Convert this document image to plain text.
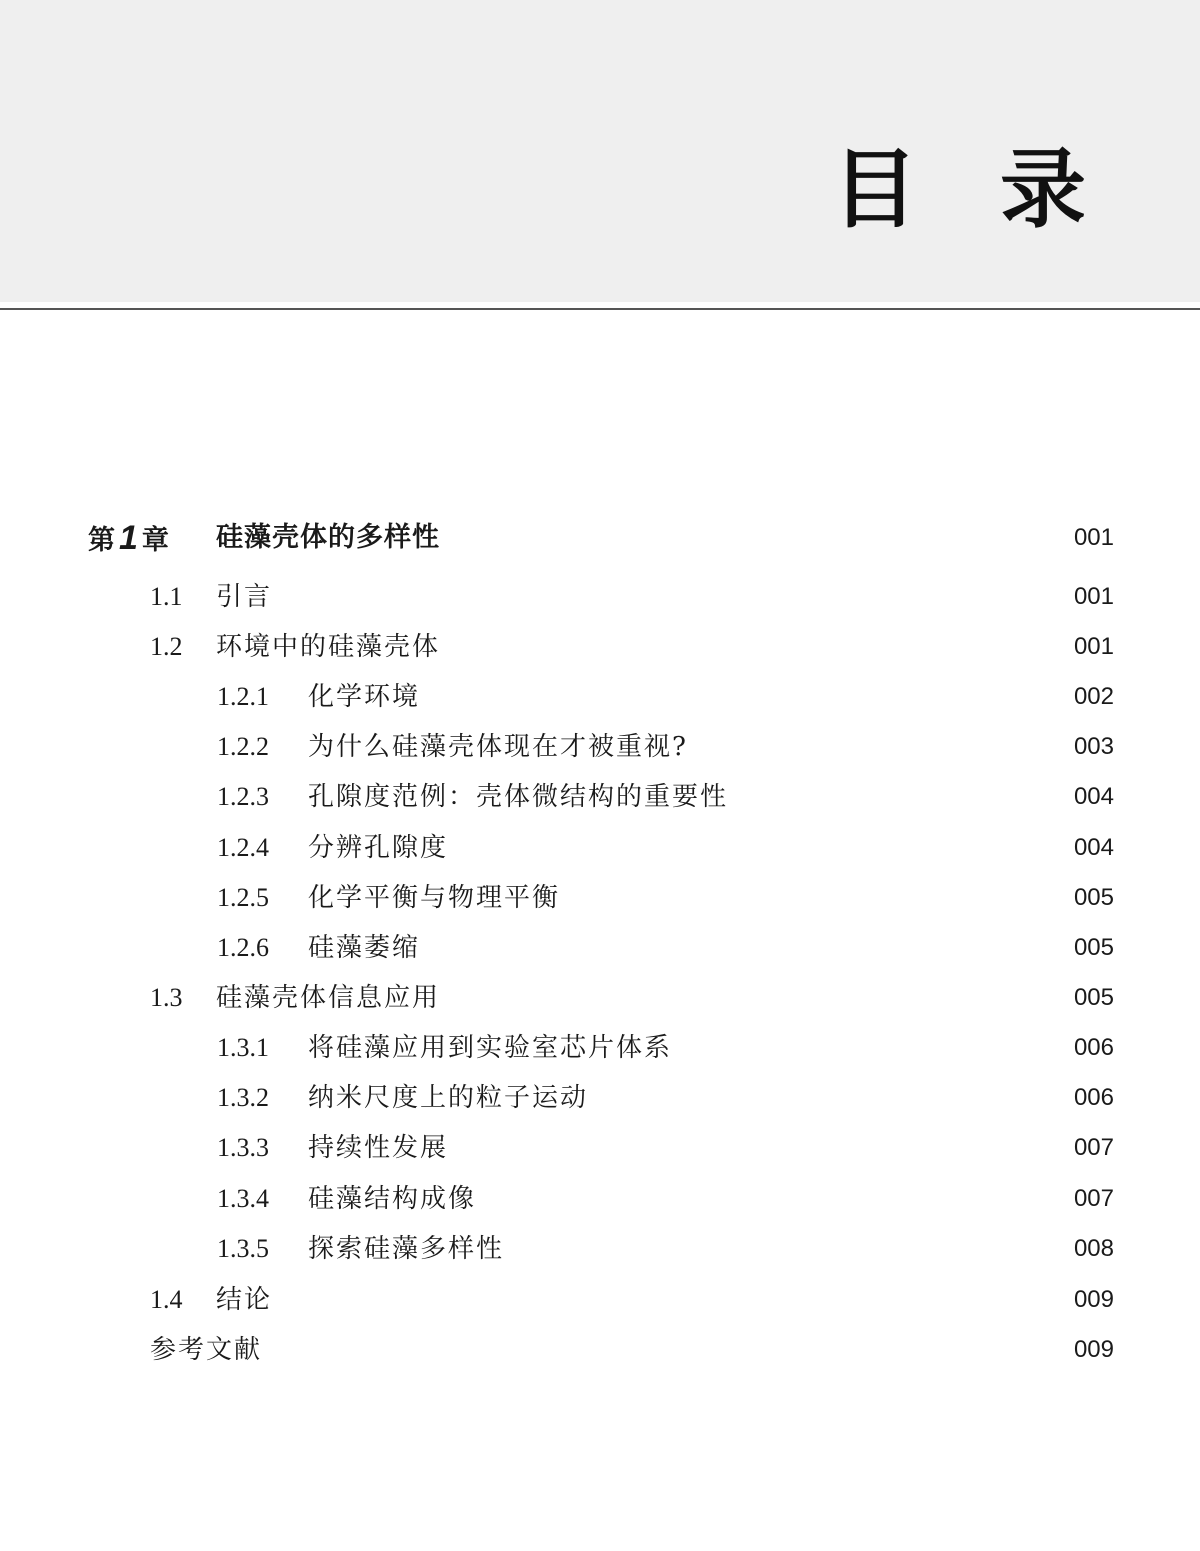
目 录
第 1 章 硅藻壳体的多样性	001
1.1 引言	001
1.2 环境中的硅藻壳体	001
1.2.1 化学环境	002
1.2.2 为什么硅藻壳体现在才被重视?	003
1.2.3 孔隙度范例：壳体微结构的重要性	004
1.2.4 分辨孔隙度	004
1.2.5 化学平衡与物理平衡	005
1.2.6 硅藻萎缩	005
1.3 硅藻壳体信息应用	005
1.3.1 将硅藻应用到实验室芯片体系	006
1.3.2 纳米尺度上的粒子运动	006
1.3.3 持续性发展	007
1.3.4 硅藻结构成像	007
1.3.5 探索硅藻多样性	008
1.4 结论	009
参考文献	009
